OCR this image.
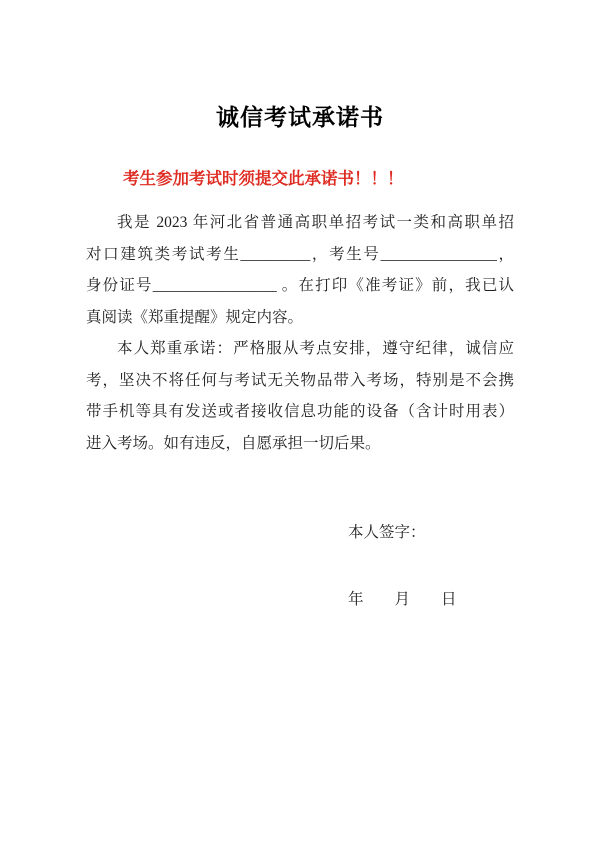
诚信考试承诺书

考生参加考试时须提交此承诺书！！！

我是 2023 年河北省普通高职单招考试一类和高职单招
对口建筑类考试考生_________，考生号_______________，
身份证号________________ 。在打印《准考证》前，我已认
真阅读《郑重提醒》规定内容。
本人郑重承诺：严格服从考点安排，遵守纪律，诚信应
考，坚决不将任何与考试无关物品带入考场，特别是不会携
带手机等具有发送或者接收信息功能的设备（含计时用表）
进入考场。如有违反，自愿承担一切后果。
本人签字：
年　　月　　日
